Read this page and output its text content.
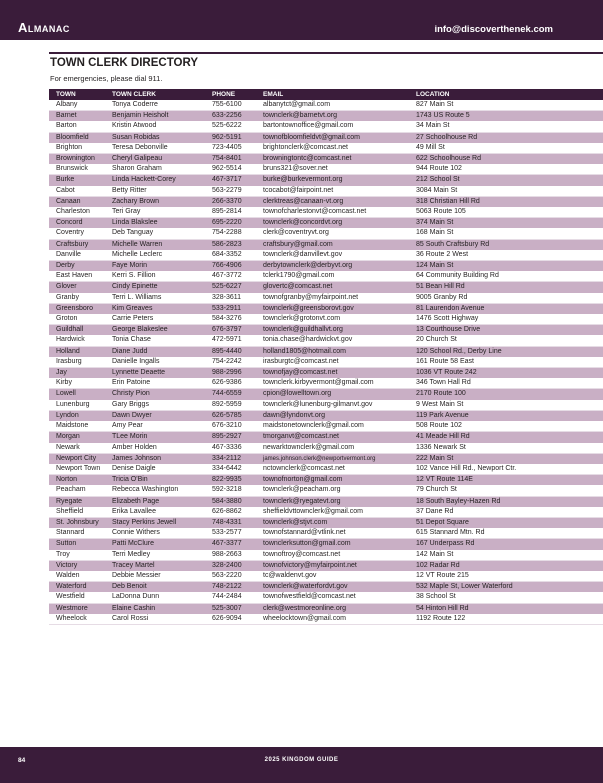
Almanac	info@discoverthenek.com
TOWN CLERK DIRECTORY
For emergencies, please dial 911.
TOWN	TOWN CLERK	PHONE	EMAIL	LOCATION
Albany	Tonya Coderre	755-6100	albanytct@gmail.com	827 Main St
Barnet	Benjamin Heisholt	633-2256	townclerk@barnetvt.org	1743 US Route 5
Barton	Kristin Atwood	525-6222	bartontownoffice@gmail.com	34 Main St
Bloomfield	Susan Robidas	962-5191	townofbloomfieldvt@gmail.com	27 Schoolhouse Rd
Brighton	Teresa Debonville	723-4405	brightonclerk@comcast.net	49 Mill St
Brownington	Cheryl Galipeau	754-8401	browningtontc@comcast.net	622 Schoolhouse Rd
Brunswick	Sharon Graham	962-5514	bruns321@sover.net	944 Route 102
Burke	Linda Hackett-Corey	467-3717	burke@burkevermont.org	212 School St
Cabot	Betty Ritter	563-2279	tcocabot@fairpoint.net	3084 Main St
Canaan	Zachary Brown	266-3370	clerktreas@canaan-vt.org	318 Christian Hill Rd
Charleston	Teri Gray	895-2814	townofcharlestonvt@comcast.net	5063 Route 105
Concord	Linda Blakslee	695-2220	townclerk@concordvt.org	374 Main St
Coventry	Deb Tanguay	754-2288	clerk@coventryvt.org	168 Main St
Craftsbury	Michelle Warren	586-2823	craftsbury@gmail.com	85 South Craftsbury Rd
Danville	Michelle Leclerc	684-3352	townclerk@danvillevt.gov	36 Route 2 West
Derby	Faye Morin	766-4906	derbytownclerk@derbyvt.org	124 Main St
East Haven	Kerri S. Fillion	467-3772	tclerk1790@gmail.com	64 Community Building Rd
Glover	Cindy Epinette	525-6227	glovertc@comcast.net	51 Bean Hill Rd
Granby	Terri L. Williams	328-3611	townofgranby@myfairpoint.net	9005 Granby Rd
Greensboro	Kim Greaves	533-2911	townclerk@greensborovt.gov	81 Laurendon Avenue
Groton	Carrie Peters	584-3276	townclerk@grotonvt.com	1476 Scott Highway
Guildhall	George Blakeslee	676-3797	townclerk@guildhallvt.org	13 Courthouse Drive
Hardwick	Tonia Chase	472-5971	tonia.chase@hardwickvt.gov	20 Church St
Holland	Diane Judd	895-4440	holland1805@hotmail.com	120 School Rd., Derby Line
Irasburg	Danielle Ingalls	754-2242	irasburgtc@comcast.net	161 Route 58 East
Jay	Lynnette Deaette	988-2996	townofjay@comcast.net	1036 VT Route 242
Kirby	Erin Patoine	626-9386	townclerk.kirbyvermont@gmail.com	346 Town Hall Rd
Lowell	Christy Pion	744-6559	cpion@lowelltown.org	2170 Route 100
Lunenburg	Gary Briggs	892-5959	townclerk@lunenburg-gilmanvt.gov	9 West Main St
Lyndon	Dawn Dwyer	626-5785	dawn@lyndonvt.org	119 Park Avenue
Maidstone	Amy Pear	676-3210	maidstonetownclerk@gmail.com	508 Route 102
Morgan	TLee Morin	895-2927	tmorganvt@comcast.net	41 Meade Hill Rd
Newark	Amber Holden	467-3336	newarktownclerk@gmail.com	1336 Newark St
Newport City	James Johnson	334-2112	james.johnson.clerk@newportvermont.org	222 Main St
Newport Town	Denise Daigle	334-6442	nctownclerk@comcast.net	102 Vance Hill Rd., Newport Ctr.
Norton	Tricia O'Bin	822-9935	townofnorton@gmail.com	12 VT Route 114E
Peacham	Rebecca Washington	592-3218	townclerk@peacham.org	79 Church St
Ryegate	Elizabeth Page	584-3880	townclerk@ryegatevt.org	18 South Bayley-Hazen Rd
Sheffield	Erika Lavallee	626-8862	sheffieldvttownclerk@gmail.com	37 Dane Rd
St. Johnsbury	Stacy Perkins Jewell	748-4331	townclerk@stjvt.com	51 Depot Square
Stannard	Connie Withers	533-2577	townofstannard@vtlink.net	615 Stannard Mtn. Rd
Sutton	Patti McClure	467-3377	townclerksutton@gmail.com	167 Underpass Rd
Troy	Terri Medley	988-2663	townoftroy@comcast.net	142 Main St
Victory	Tracey Martel	328-2400	townofvictory@myfairpoint.net	102 Radar Rd
Walden	Debbie Messier	563-2220	tc@waldenvt.gov	12 VT Route 215
Waterford	Deb Benoit	748-2122	townclerk@waterfordvt.gov	532 Maple St, Lower Waterford
Westfield	LaDonna Dunn	744-2484	townofwestfield@comcast.net	38 School St
Westmore	Elaine Cashin	525-3007	clerk@westmoreonline.org	54 Hinton Hill Rd
Wheelock	Carol Rossi	626-9094	wheelocktown@gmail.com	1192 Route 122
84	2025 KINGDOM GUIDE
